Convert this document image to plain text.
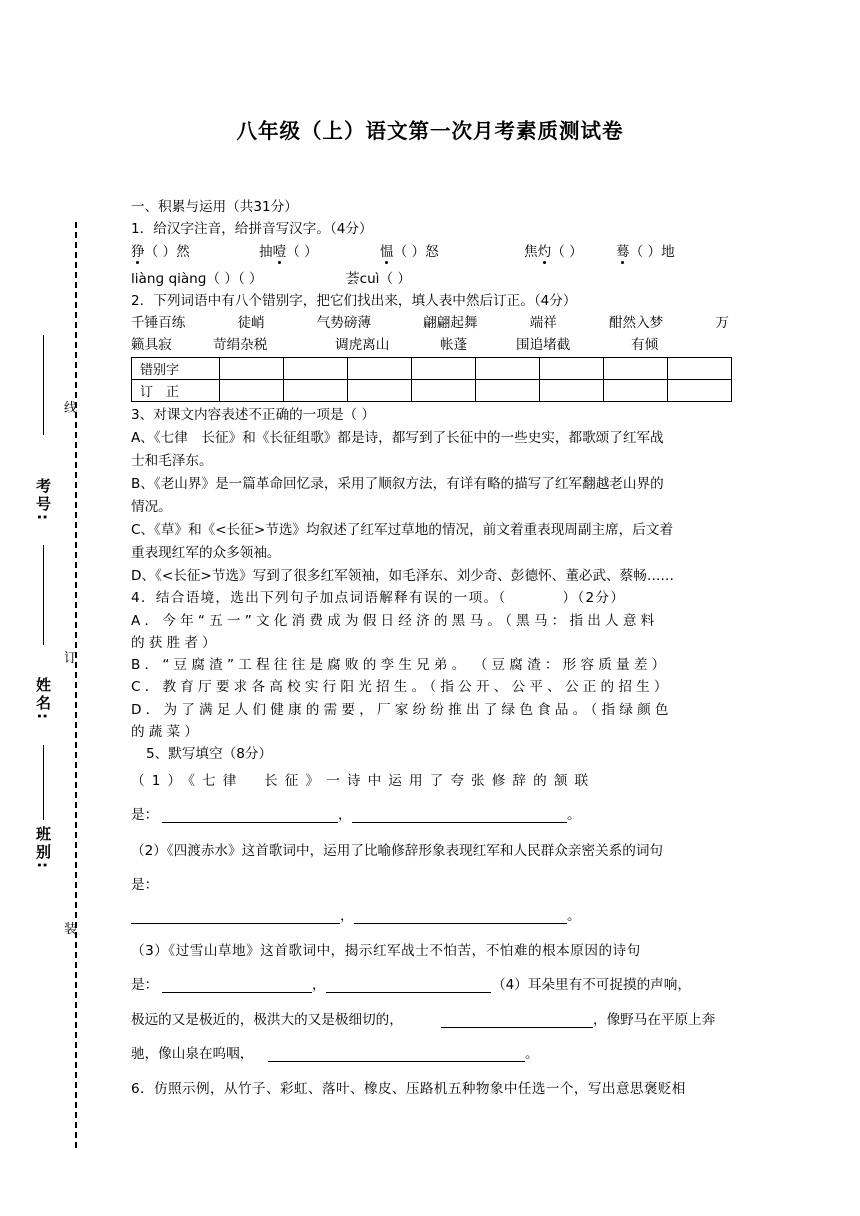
八年级（上）语文第一次月考素质测试卷
线
订
装
考号:
姓名:
班别:
一、积累与运用（共31分）
1．给汉字注音，给拼音写汉字。（4分）
狰（ ）然	抽噎（ ）	愠（ ）怒	焦灼（ ） 蓦（ ）地
liànɡ qiànɡ（ ）（ ）	荟cuì（ ）
2．下列词语中有八个错别字，把它们找出来，填人表中然后订正。（4分）
千锤百练	徒峭	气势磅薄	翩翩起舞	端祥	酣然入梦	万
籁具寂	苛绢杂税	调虎离山	帐蓬	围追堵截	有倾
错别字								
订　正								
3、对课文内容表述不正确的一项是（ ）
A、《七律　长征》和《长征组歌》都是诗，都写到了长征中的一些史实，都歌颂了红军战
士和毛泽东。
B、《老山界》是一篇革命回忆录，采用了顺叙方法，有详有略的描写了红军翻越老山界的
情况。
C、《草》和《<长征>节选》均叙述了红军过草地的情况，前文着重表现周副主席，后文着
重表现红军的众多领袖。
D、《<长征>节选》写到了很多红军领袖，如毛泽东、刘少奇、彭德怀、董必武、蔡畅……
4．结合语境，选出下列句子加点词语解释有误的一项。（	）（2分）
A．今年“五一”文化消费成为假日经济的黑马。（黑马：指出人意料
的获胜者）
B．“豆腐渣”工程往往是腐败的孪生兄弟。　（豆腐渣：形容质量差）
C．教育厅要求各高校实行阳光招生。（指公开、公平、公正的招生）
D．为了满足人们健康的需要，厂家纷纷推出了绿色食品。（指绿颜色
的蔬菜）
5、默写填空（8分）
（1）《七律　长征》一诗中运用了夸张修辞的颔联
是：	，	。
（2）《四渡赤水》这首歌词中，运用了比喻修辞形象表现红军和人民群众亲密关系的词句
是：
，	。
（3）《过雪山草地》这首歌词中，揭示红军战士不怕苦，不怕难的根本原因的诗句
是：	，	（4）耳朵里有不可捉摸的声响，
极远的又是极近的，极洪大的又是极细切的，	，像野马在平原上奔
驰，像山泉在呜咽，	。
6．仿照示例，从竹子、彩虹、落叶、橡皮、压路机五种物象中任选一个，写出意思褒贬相
